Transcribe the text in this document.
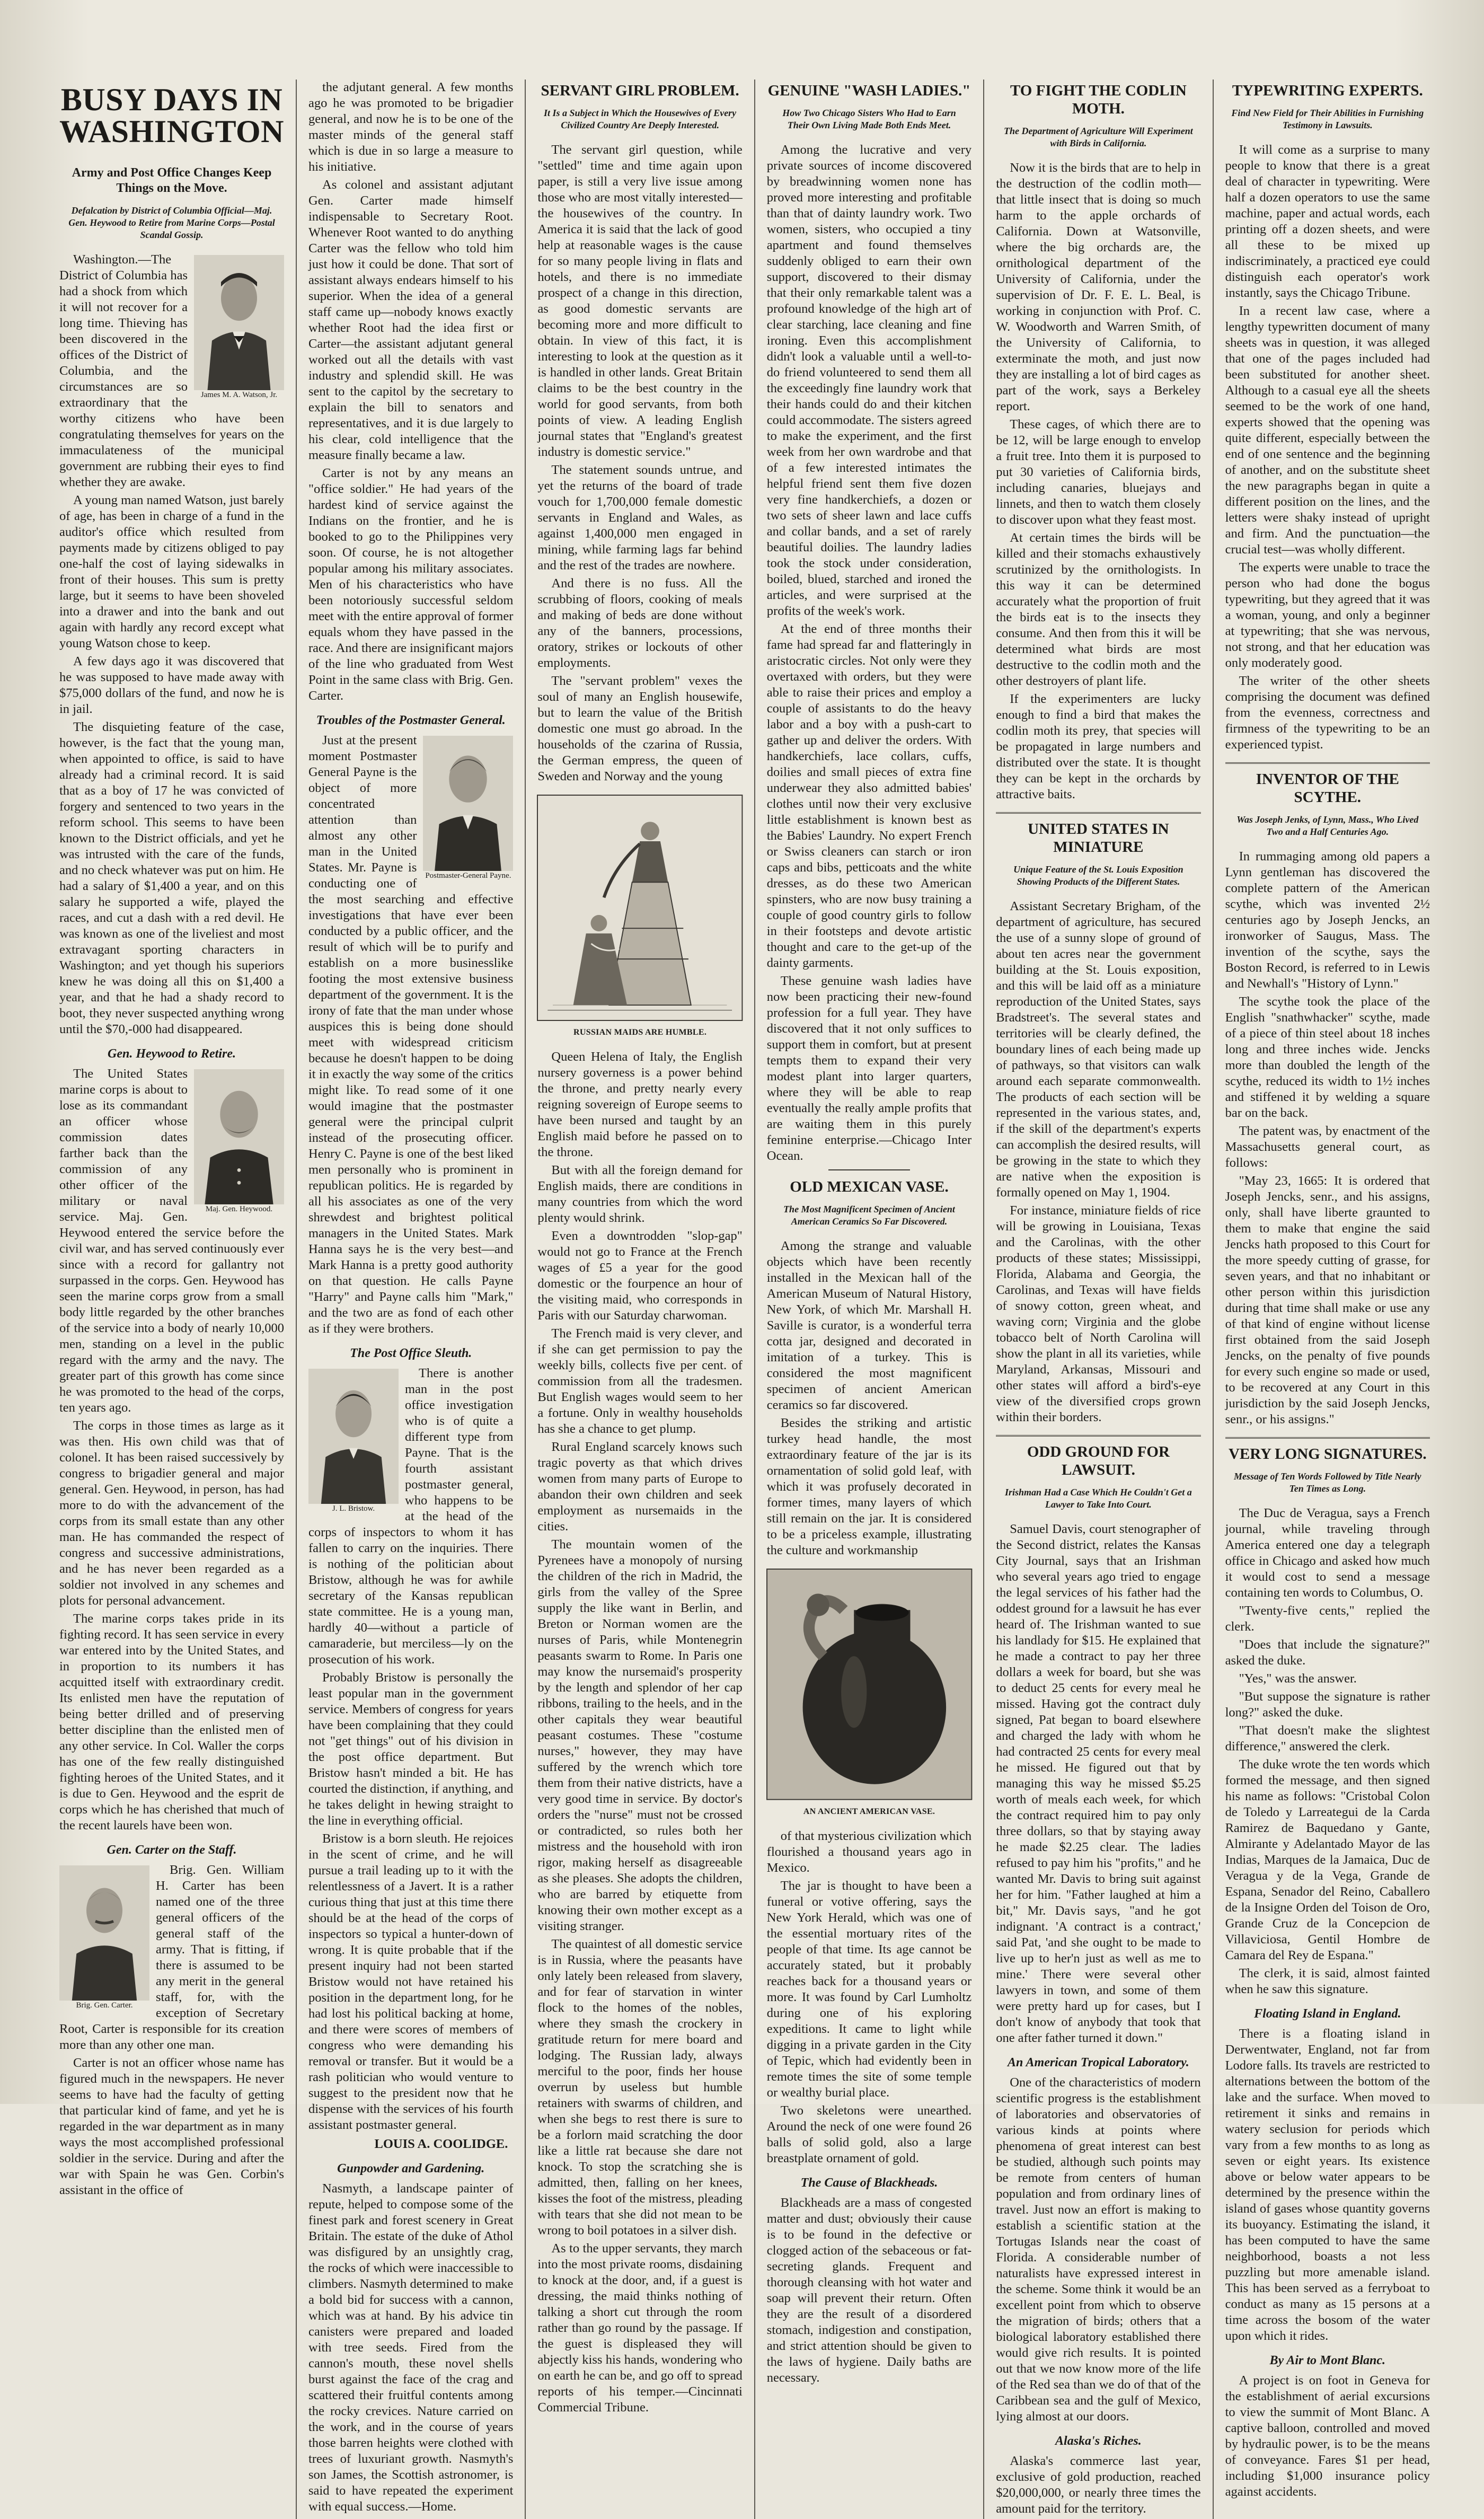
BUSY DAYS IN WASHINGTON
Army and Post Office Changes Keep Things on the Move.
Defalcation by District of Columbia Official—Maj. Gen. Heywood to Retire from Marine Corps—Postal Scandal Gossip.
James M. A. Watson, Jr.

Washington.—The District of Columbia has had a shock from which it will not recover for a long time. Thieving has been discovered in the offices of the District of Columbia, and the circumstances are so extraordinary that the worthy citizens who have been congratulating themselves for years on the immaculateness of the municipal government are rubbing their eyes to find whether they are awake.

A young man named Watson, just barely of age, has been in charge of a fund in the auditor's office which resulted from payments made by citizens obliged to pay one-half the cost of laying sidewalks in front of their houses. This sum is pretty large, but it seems to have been shoveled into a drawer and into the bank and out again with hardly any record except what young Watson chose to keep.

A few days ago it was discovered that he was supposed to have made away with $75,000 dollars of the fund, and now he is in jail.

The disquieting feature of the case, however, is the fact that the young man, when appointed to office, is said to have already had a criminal record. It is said that as a boy of 17 he was convicted of forgery and sentenced to two years in the reform school. This seems to have been known to the District officials, and yet he was intrusted with the care of the funds, and no check whatever was put on him. He had a salary of $1,400 a year, and on this salary he supported a wife, played the races, and cut a dash with a red devil. He was known as one of the liveliest and most extravagant sporting characters in Washington; and yet though his superiors knew he was doing all this on $1,400 a year, and that he had a shady record to boot, they never suspected anything wrong until the $70,-000 had disappeared.

Gen. Heywood to Retire.
Maj. Gen. Heywood.

The United States marine corps is about to lose as its commandant an officer whose commission dates farther back than the commission of any other officer of the military or naval service. Maj. Gen. Heywood entered the service before the civil war, and has served continuously ever since with a record for gallantry not surpassed in the corps. Gen. Heywood has seen the marine corps grow from a small body little regarded by the other branches of the service into a body of nearly 10,000 men, standing on a level in the public regard with the army and the navy. The greater part of this growth has come since he was promoted to the head of the corps, ten years ago.

The corps in those times as large as it was then. His own child was that of colonel. It has been raised successively by congress to brigadier general and major general. Gen. Heywood, in person, has had more to do with the advancement of the corps from its small estate than any other man. He has commanded the respect of congress and successive administrations, and he has never been regarded as a soldier not involved in any schemes and plots for personal advancement.

The marine corps takes pride in its fighting record. It has seen service in every war entered into by the United States, and in proportion to its numbers it has acquitted itself with extraordinary credit. Its enlisted men have the reputation of being better drilled and of preserving better discipline than the enlisted men of any other service. In Col. Waller the corps has one of the few really distinguished fighting heroes of the United States, and it is due to Gen. Heywood and the esprit de corps which he has cherished that much of the recent laurels have been won.

Gen. Carter on the Staff.
Brig. Gen. Carter.

Brig. Gen. William H. Carter has been named one of the three general officers of the general staff of the army. That is fitting, if there is assumed to be any merit in the general staff, for, with the exception of Secretary Root, Carter is responsible for its creation more than any other one man.

Carter is not an officer whose name has figured much in the newspapers. He never seems to have had the faculty of getting that particular kind of fame, and yet he is regarded in the war department as in many ways the most accomplished professional soldier in the service. During and after the war with Spain he was Gen. Corbin's assistant in the office of

the adjutant general. A few months ago he was promoted to be brigadier general, and now he is to be one of the master minds of the general staff which is due in so large a measure to his initiative.

As colonel and assistant adjutant Gen. Carter made himself indispensable to Secretary Root. Whenever Root wanted to do anything Carter was the fellow who told him just how it could be done. That sort of assistant always endears himself to his superior. When the idea of a general staff came up—nobody knows exactly whether Root had the idea first or Carter—the assistant adjutant general worked out all the details with vast industry and splendid skill. He was sent to the capitol by the secretary to explain the bill to senators and representatives, and it is due largely to his clear, cold intelligence that the measure finally became a law.

Carter is not by any means an "office soldier." He had years of the hardest kind of service against the Indians on the frontier, and he is booked to go to the Philippines very soon. Of course, he is not altogether popular among his military associates. Men of his characteristics who have been notoriously successful seldom meet with the entire approval of former equals whom they have passed in the race. And there are insignificant majors of the line who graduated from West Point in the same class with Brig. Gen. Carter.

Troubles of the Postmaster General.
Postmaster-General Payne.

Just at the present moment Postmaster General Payne is the object of more concentrated attention than almost any other man in the United States. Mr. Payne is conducting one of the most searching and effective investigations that have ever been conducted by a public officer, and the result of which will be to purify and establish on a more businesslike footing the most extensive business department of the government. It is the irony of fate that the man under whose auspices this is being done should meet with widespread criticism because he doesn't happen to be doing it in exactly the way some of the critics might like. To read some of it one would imagine that the postmaster general were the principal culprit instead of the prosecuting officer. Henry C. Payne is one of the best liked men personally who is prominent in republican politics. He is regarded by all his associates as one of the very shrewdest and brightest political managers in the United States. Mark Hanna says he is the very best—and Mark Hanna is a pretty good authority on that question. He calls Payne "Harry" and Payne calls him "Mark," and the two are as fond of each other as if they were brothers.

The Post Office Sleuth.
J. L. Bristow.

There is another man in the post office investigation who is of quite a different type from Payne. That is the fourth assistant postmaster general, who happens to be at the head of the corps of inspectors to whom it has fallen to carry on the inquiries. There is nothing of the politician about Bristow, although he was for awhile secretary of the Kansas republican state committee. He is a young man, hardly 40—without a particle of camaraderie, but merciless—ly on the prosecution of his work.

Probably Bristow is personally the least popular man in the government service. Members of congress for years have been complaining that they could not "get things" out of his division in the post office department. But Bristow hasn't minded a bit. He has courted the distinction, if anything, and he takes delight in hewing straight to the line in everything official.

Bristow is a born sleuth. He rejoices in the scent of crime, and he will pursue a trail leading up to it with the relentlessness of a Javert. It is a rather curious thing that just at this time there should be at the head of the corps of inspectors so typical a hunter-down of wrong. It is quite probable that if the present inquiry had not been started Bristow would not have retained his position in the department long, for he had lost his political backing at home, and there were scores of members of congress who were demanding his removal or transfer. But it would be a rash politician who would venture to suggest to the president now that he dispense with the services of his fourth assistant postmaster general.

LOUIS A. COOLIDGE.
Gunpowder and Gardening.

Nasmyth, a landscape painter of repute, helped to compose some of the finest park and forest scenery in Great Britain. The estate of the duke of Athol was disfigured by an unsightly crag, the rocks of which were inaccessible to climbers. Nasmyth determined to make a bold bid for success with a cannon, which was at hand. By his advice tin canisters were prepared and loaded with tree seeds. Fired from the cannon's mouth, these novel shells burst against the face of the crag and scattered their fruitful contents among the rocky crevices. Nature carried on the work, and in the course of years those barren heights were clothed with trees of luxuriant growth. Nasmyth's son James, the Scottish astronomer, is said to have repeated the experiment with equal success.—Home.

SERVANT GIRL PROBLEM.
It Is a Subject in Which the Housewives of Every Civilized Country Are Deeply Interested.

The servant girl question, while "settled" time and time again upon paper, is still a very live issue among those who are most vitally interested—the housewives of the country. In America it is said that the lack of good help at reasonable wages is the cause for so many people living in flats and hotels, and there is no immediate prospect of a change in this direction, as good domestic servants are becoming more and more difficult to obtain. In view of this fact, it is interesting to look at the question as it is handled in other lands. Great Britain claims to be the best country in the world for good servants, from both points of view. A leading English journal states that "England's greatest industry is domestic service."

The statement sounds untrue, and yet the returns of the board of trade vouch for 1,700,000 female domestic servants in England and Wales, as against 1,400,000 men engaged in mining, while farming lags far behind and the rest of the trades are nowhere.

And there is no fuss. All the scrubbing of floors, cooking of meals and making of beds are done without any of the banners, processions, oratory, strikes or lockouts of other employments.

The "servant problem" vexes the soul of many an English housewife, but to learn the value of the British domestic one must go abroad. In the households of the czarina of Russia, the German empress, the queen of Sweden and Norway and the young

RUSSIAN MAIDS ARE HUMBLE.

Queen Helena of Italy, the English nursery governess is a power behind the throne, and pretty nearly every reigning sovereign of Europe seems to have been nursed and taught by an English maid before he passed on to the throne.

But with all the foreign demand for English maids, there are conditions in many countries from which the word plenty would shrink.

Even a downtrodden "slop-gap" would not go to France at the French wages of £5 a year for the good domestic or the fourpence an hour of the visiting maid, who corresponds in Paris with our Saturday charwoman.

The French maid is very clever, and if she can get permission to pay the weekly bills, collects five per cent. of commission from all the tradesmen. But English wages would seem to her a fortune. Only in wealthy households has she a chance to get plump.

Rural England scarcely knows such tragic poverty as that which drives women from many parts of Europe to abandon their own children and seek employment as nursemaids in the cities.

The mountain women of the Pyrenees have a monopoly of nursing the children of the rich in Madrid, the girls from the valley of the Spree supply the like want in Berlin, and Breton or Norman women are the nurses of Paris, while Montenegrin peasants swarm to Rome. In Paris one may know the nursemaid's prosperity by the length and splendor of her cap ribbons, trailing to the heels, and in the other capitals they wear beautiful peasant costumes. These "costume nurses," however, they may have suffered by the wrench which tore them from their native districts, have a very good time in service. By doctor's orders the "nurse" must not be crossed or contradicted, so rules both her mistress and the household with iron rigor, making herself as disagreeable as she pleases. She adopts the children, who are barred by etiquette from knowing their own mother except as a visiting stranger.

The quaintest of all domestic service is in Russia, where the peasants have only lately been released from slavery, and for fear of starvation in winter flock to the homes of the nobles, where they smash the crockery in gratitude return for mere board and lodging. The Russian lady, always merciful to the poor, finds her house overrun by useless but humble retainers with swarms of children, and when she begs to rest there is sure to be a forlorn maid scratching the door like a little rat because she dare not knock. To stop the scratching she is admitted, then, falling on her knees, kisses the foot of the mistress, pleading with tears that she did not mean to be wrong to boil potatoes in a silver dish.

As to the upper servants, they march into the most private rooms, disdaining to knock at the door, and, if a guest is dressing, the maid thinks nothing of talking a short cut through the room rather than go round by the passage. If the guest is displeased they will abjectly kiss his hands, wondering who on earth he can be, and go off to spread reports of his temper.—Cincinnati Commercial Tribune.

GENUINE "WASH LADIES."
How Two Chicago Sisters Who Had to Earn Their Own Living Made Both Ends Meet.

Among the lucrative and very private sources of income discovered by breadwinning women none has proved more interesting and profitable than that of dainty laundry work. Two women, sisters, who occupied a tiny apartment and found themselves suddenly obliged to earn their own support, discovered to their dismay that their only remarkable talent was a profound knowledge of the high art of clear starching, lace cleaning and fine ironing. Even this accomplishment didn't look a valuable until a well-to-do friend volunteered to send them all the exceedingly fine laundry work that their hands could do and their kitchen could accommodate. The sisters agreed to make the experiment, and the first week from her own wardrobe and that of a few interested intimates the helpful friend sent them five dozen very fine handkerchiefs, a dozen or two sets of sheer lawn and lace cuffs and collar bands, and a set of rarely beautiful doilies. The laundry ladies took the stock under consideration, boiled, blued, starched and ironed the articles, and were surprised at the profits of the week's work.

At the end of three months their fame had spread far and flatteringly in aristocratic circles. Not only were they overtaxed with orders, but they were able to raise their prices and employ a couple of assistants to do the heavy labor and a boy with a push-cart to gather up and deliver the orders. With handkerchiefs, lace collars, cuffs, doilies and small pieces of extra fine underwear they also admitted babies' clothes until now their very exclusive little establishment is known best as the Babies' Laundry. No expert French or Swiss cleaners can starch or iron caps and bibs, petticoats and the white dresses, as do these two American spinsters, who are now busy training a couple of good country girls to follow in their footsteps and devote artistic thought and care to the get-up of the dainty garments.

These genuine wash ladies have now been practicing their new-found profession for a full year. They have discovered that it not only suffices to support them in comfort, but at present tempts them to expand their very modest plant into larger quarters, where they will be able to reap eventually the really ample profits that are waiting them in this purely feminine enterprise.—Chicago Inter Ocean.

OLD MEXICAN VASE.
The Most Magnificent Specimen of Ancient American Ceramics So Far Discovered.

Among the strange and valuable objects which have been recently installed in the Mexican hall of the American Museum of Natural History, New York, of which Mr. Marshall H. Saville is curator, is a wonderful terra cotta jar, designed and decorated in imitation of a turkey. This is considered the most magnificent specimen of ancient American ceramics so far discovered.

Besides the striking and artistic turkey head handle, the most extraordinary feature of the jar is its ornamentation of solid gold leaf, with which it was profusely decorated in former times, many layers of which still remain on the jar. It is considered to be a priceless example, illustrating the culture and workmanship

AN ANCIENT AMERICAN VASE.

of that mysterious civilization which flourished a thousand years ago in Mexico.

The jar is thought to have been a funeral or votive offering, says the New York Herald, which was one of the essential mortuary rites of the people of that time. Its age cannot be accurately stated, but it probably reaches back for a thousand years or more. It was found by Carl Lumholtz during one of his exploring expeditions. It came to light while digging in a private garden in the City of Tepic, which had evidently been in remote times the site of some temple or wealthy burial place.

Two skeletons were unearthed. Around the neck of one were found 26 balls of solid gold, also a large breastplate ornament of gold.

The Cause of Blackheads.

Blackheads are a mass of congested matter and dust; obviously their cause is to be found in the defective or clogged action of the sebaceous or fat-secreting glands. Frequent and thorough cleansing with hot water and soap will prevent their return. Often they are the result of a disordered stomach, indigestion and constipation, and strict attention should be given to the laws of hygiene. Daily baths are necessary.

TO FIGHT THE CODLIN MOTH.
The Department of Agriculture Will Experiment with Birds in California.

Now it is the birds that are to help in the destruction of the codlin moth—that little insect that is doing so much harm to the apple orchards of California. Down at Watsonville, where the big orchards are, the ornithological department of the University of California, under the supervision of Dr. F. E. L. Beal, is working in conjunction with Prof. C. W. Woodworth and Warren Smith, of the University of California, to exterminate the moth, and just now they are installing a lot of bird cages as part of the work, says a Berkeley report.

These cages, of which there are to be 12, will be large enough to envelop a fruit tree. Into them it is purposed to put 30 varieties of California birds, including canaries, bluejays and linnets, and then to watch them closely to discover upon what they feast most.

At certain times the birds will be killed and their stomachs exhaustively scrutinized by the ornithologists. In this way it can be determined accurately what the proportion of fruit the birds eat is to the insects they consume. And then from this it will be determined what birds are most destructive to the codlin moth and the other destroyers of plant life.

If the experimenters are lucky enough to find a bird that makes the codlin moth its prey, that species will be propagated in large numbers and distributed over the state. It is thought they can be kept in the orchards by attractive baits.

UNITED STATES IN MINIATURE
Unique Feature of the St. Louis Exposition Showing Products of the Different States.

Assistant Secretary Brigham, of the department of agriculture, has secured the use of a sunny slope of ground of about ten acres near the government building at the St. Louis exposition, and this will be laid off as a miniature reproduction of the United States, says Bradstreet's. The several states and territories will be clearly defined, the boundary lines of each being made up of pathways, so that visitors can walk around each separate commonwealth. The products of each section will be represented in the various states, and, if the skill of the department's experts can accomplish the desired results, will be growing in the state to which they are native when the exposition is formally opened on May 1, 1904.

For instance, miniature fields of rice will be growing in Louisiana, Texas and the Carolinas, with the other products of these states; Mississippi, Florida, Alabama and Georgia, the Carolinas, and Texas will have fields of snowy cotton, green wheat, and waving corn; Virginia and the globe tobacco belt of North Carolina will show the plant in all its varieties, while Maryland, Arkansas, Missouri and other states will afford a bird's-eye view of the diversified crops grown within their borders.

ODD GROUND FOR LAWSUIT.
Irishman Had a Case Which He Couldn't Get a Lawyer to Take Into Court.

Samuel Davis, court stenographer of the Second district, relates the Kansas City Journal, says that an Irishman who several years ago tried to engage the legal services of his father had the oddest ground for a lawsuit he has ever heard of. The Irishman wanted to sue his landlady for $15. He explained that he made a contract to pay her three dollars a week for board, but she was to deduct 25 cents for every meal he missed. Having got the contract duly signed, Pat began to board elsewhere and charged the lady with whom he had contracted 25 cents for every meal he missed. He figured out that by managing this way he missed $5.25 worth of meals each week, for which the contract required him to pay only three dollars, so that by staying away he made $2.25 clear. The ladies refused to pay him his "profits," and he wanted Mr. Davis to bring suit against her for him. "Father laughed at him a bit," Mr. Davis says, "and he got indignant. 'A contract is a contract,' said Pat, 'and she ought to be made to live up to her'n just as well as me to mine.' There were several other lawyers in town, and some of them were pretty hard up for cases, but I don't know of anybody that took that one after father turned it down."

An American Tropical Laboratory.

One of the characteristics of modern scientific progress is the establishment of laboratories and observatories of various kinds at points where phenomena of great interest can best be studied, although such points may be remote from centers of human population and from ordinary lines of travel. Just now an effort is making to establish a scientific station at the Tortugas Islands near the coast of Florida. A considerable number of naturalists have expressed interest in the scheme. Some think it would be an excellent point from which to observe the migration of birds; others that a biological laboratory established there would give rich results. It is pointed out that we now know more of the life of the Red sea than we do of that of the Caribbean sea and the gulf of Mexico, lying almost at our doors.

Alaska's Riches.

Alaska's commerce last year, exclusive of gold production, reached $20,000,000, or nearly three times the amount paid for the territory.

TYPEWRITING EXPERTS.
Find New Field for Their Abilities in Furnishing Testimony in Lawsuits.

It will come as a surprise to many people to know that there is a great deal of character in typewriting. Were half a dozen operators to use the same machine, paper and actual words, each printing off a dozen sheets, and were all these to be mixed up indiscriminately, a practiced eye could distinguish each operator's work instantly, says the Chicago Tribune.

In a recent law case, where a lengthy typewritten document of many sheets was in question, it was alleged that one of the pages included had been substituted for another sheet. Although to a casual eye all the sheets seemed to be the work of one hand, experts showed that the opening was quite different, especially between the end of one sentence and the beginning of another, and on the substitute sheet the new paragraphs began in quite a different position on the lines, and the letters were shaky instead of upright and firm. And the punctuation—the crucial test—was wholly different.

The experts were unable to trace the person who had done the bogus typewriting, but they agreed that it was a woman, young, and only a beginner at typewriting; that she was nervous, not strong, and that her education was only moderately good.

The writer of the other sheets comprising the document was defined from the evenness, correctness and firmness of the typewriting to be an experienced typist.

INVENTOR OF THE SCYTHE.
Was Joseph Jenks, of Lynn, Mass., Who Lived Two and a Half Centuries Ago.

In rummaging among old papers a Lynn gentleman has discovered the complete pattern of the American scythe, which was invented 2½ centuries ago by Joseph Jencks, an ironworker of Saugus, Mass. The invention of the scythe, says the Boston Record, is referred to in Lewis and Newhall's "History of Lynn."

The scythe took the place of the English "snathwhacker" scythe, made of a piece of thin steel about 18 inches long and three inches wide. Jencks more than doubled the length of the scythe, reduced its width to 1½ inches and stiffened it by welding a square bar on the back.

The patent was, by enactment of the Massachusetts general court, as follows:

"May 23, 1665: It is ordered that Joseph Jencks, senr., and his assigns, only, shall have liberte graunted to them to make that engine the said Jencks hath proposed to this Court for the more speedy cutting of grasse, for seven years, and that no inhabitant or other person within this jurisdiction during that time shall make or use any of that kind of engine without license first obtained from the said Joseph Jencks, on the penalty of five pounds for every such engine so made or used, to be recovered at any Court in this jurisdiction by the said Joseph Jencks, senr., or his assigns."

VERY LONG SIGNATURES.
Message of Ten Words Followed by Title Nearly Ten Times as Long.

The Duc de Veragua, says a French journal, while traveling through America entered one day a telegraph office in Chicago and asked how much it would cost to send a message containing ten words to Columbus, O.

"Twenty-five cents," replied the clerk.

"Does that include the signature?" asked the duke.

"Yes," was the answer.

"But suppose the signature is rather long?" asked the duke.

"That doesn't make the slightest difference," answered the clerk.

The duke wrote the ten words which formed the message, and then signed his name as follows: "Cristobal Colon de Toledo y Larreategui de la Carda Ramirez de Baquedano y Gante, Almirante y Adelantado Mayor de las Indias, Marques de la Jamaica, Duc de Veragua y de la Vega, Grande de Espana, Senador del Reino, Caballero de la Insigne Orden del Toison de Oro, Grande Cruz de la Concepcion de Villaviciosa, Gentil Hombre de Camara del Rey de Espana."

The clerk, it is said, almost fainted when he saw this signature.

Floating Island in England.

There is a floating island in Derwentwater, England, not far from Lodore falls. Its travels are restricted to alternations between the bottom of the lake and the surface. When moved to retirement it sinks and remains in watery seclusion for periods which vary from a few months to as long as seven or eight years. Its existence above or below water appears to be determined by the presence within the island of gases whose quantity governs its buoyancy. Estimating the island, it has been computed to have the same neighborhood, boasts a not less puzzling but more amenable island. This has been served as a ferryboat to conduct as many as 15 persons at a time across the bosom of the water upon which it rides.

By Air to Mont Blanc.

A project is on foot in Geneva for the establishment of aerial excursions to view the summit of Mont Blanc. A captive balloon, controlled and moved by hydraulic power, is to be the means of conveyance. Fares $1 per head, including $1,000 insurance policy against accidents.
